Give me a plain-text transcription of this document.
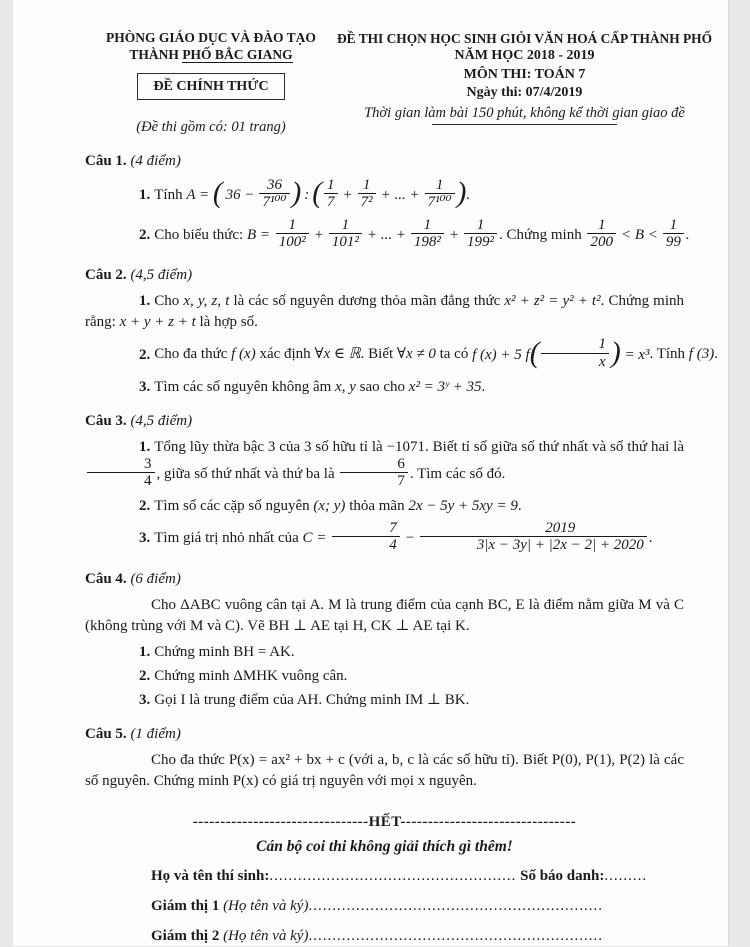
PHÒNG GIÁO DỤC VÀ ĐÀO TẠO
THÀNH PHỐ BẮC GIANG
ĐỀ CHÍNH THỨC
(Đề thi gồm có: 01 trang)
ĐỀ THI CHỌN HỌC SINH GIỎI VĂN HOÁ CẤP THÀNH PHỐ
NĂM HỌC 2018 - 2019
MÔN THI: TOÁN 7
Ngày thi: 07/4/2019
Thời gian làm bài 150 phút, không kể thời gian giao đề
Câu 1. (4 điểm)
1. Tính A = ( $36 - \frac{36}{\text{7¹⁰⁰}}$ ) : ( $\frac{1}{7} + \frac{1}{\text{7²}}$ + ... + $\frac{1}{\text{7¹⁰⁰}}$ ).
2. Cho biểu thức: $B = \frac{1}{\text{100²}} + \frac{1}{\text{101²}}$ + ... + $\frac{1}{\text{198²}} + \frac{1}{\text{199²}}$ . Chứng minh $\frac{1}{200} < B < \frac{1}{99}$ .
Câu 2. (4,5 điểm)

1. Cho x, y, z, t là các số nguyên dương thỏa mãn đẳng thức x² + z² = y² + t². Chứng minh rằng: x + y + z + t là hợp số.

2. Cho đa thức f (x) xác định ∀x ∈ ℝ. Biết ∀x ≠ 0 ta có f (x) + 5 $f( \frac{1}{x}$ ) = x³. Tính f (3).

3. Tìm các số nguyên không âm x, y sao cho x² = 3ʸ + 35.

Câu 3. (4,5 điểm)

1. Tổng lũy thừa bậc 3 của 3 số hữu tỉ là −1071. Biết tỉ số giữa số thứ nhất và số thứ hai là
$\frac{3}{4}$ , giữa số thứ nhất và thứ ba là $\frac{6}{7}$ . Tìm các số đó.

2. Tìm số các cặp số nguyên (x; y) thỏa mãn 2x − 5y + 5xy = 9.

3. Tìm giá trị nhỏ nhất của $C = \frac{7}{4} - \frac{2019}{3|x - 3y| + |2x - 2| + 2020}$ .

Câu 4. (6 điểm)

Cho ΔABC vuông cân tại A. M là trung điểm của cạnh BC, E là điểm nằm giữa M và C (không trùng với M và C). Vẽ BH ⊥ AE tại H, CK ⊥ AE tại K.

1. Chứng minh BH = AK.

2. Chứng minh ΔMHK vuông cân.

3. Gọi I là trung điểm của AH. Chứng minh IM ⊥ BK.

Câu 5. (1 điểm)

Cho đa thức P(x) = ax² + bx + c (với a, b, c là các số hữu tỉ). Biết P(0), P(1), P(2) là các số nguyên. Chứng minh P(x) có giá trị nguyên với mọi x nguyên.

--------------------------------HẾT--------------------------------
Cán bộ coi thi không giải thích gì thêm!
Họ và tên thí sinh:.................................................... Số báo danh:.........
Giám thị 1 (Họ tên và ký)..............................................................
Giám thị 2 (Họ tên và ký)..............................................................
